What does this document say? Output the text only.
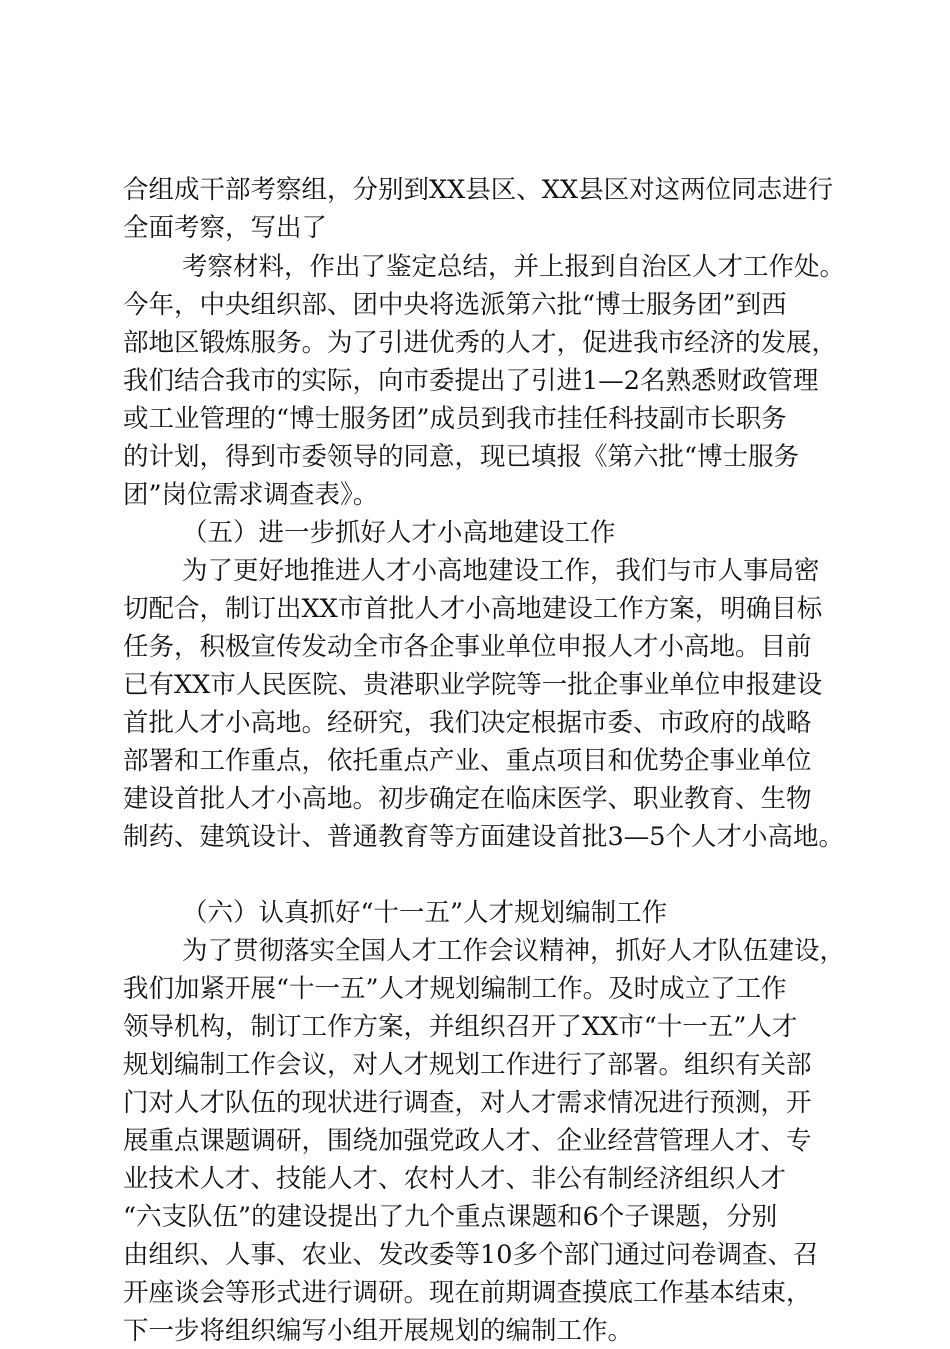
合组成干部考察组，分别到XX县区、XX县区对这两位同志进行
全面考察，写出了
考察材料，作出了鉴定总结，并上报到自治区人才工作处。
今年，中央组织部、团中央将选派第六批“博士服务团”到西
部地区锻炼服务。为了引进优秀的人才，促进我市经济的发展，
我们结合我市的实际，向市委提出了引进1—2名熟悉财政管理
或工业管理的“博士服务团”成员到我市挂任科技副市长职务
的计划，得到市委领导的同意，现已填报《第六批“博士服务
团”岗位需求调查表》。
（五）进一步抓好人才小高地建设工作
为了更好地推进人才小高地建设工作，我们与市人事局密
切配合，制订出XX市首批人才小高地建设工作方案，明确目标
任务，积极宣传发动全市各企事业单位申报人才小高地。目前
已有XX市人民医院、贵港职业学院等一批企事业单位申报建设
首批人才小高地。经研究，我们决定根据市委、市政府的战略
部署和工作重点，依托重点产业、重点项目和优势企事业单位
建设首批人才小高地。初步确定在临床医学、职业教育、生物
制药、建筑设计、普通教育等方面建设首批3—5个人才小高地。
（六）认真抓好“十一五”人才规划编制工作
为了贯彻落实全国人才工作会议精神，抓好人才队伍建设，
我们加紧开展“十一五”人才规划编制工作。及时成立了工作
领导机构，制订工作方案，并组织召开了XX市“十一五”人才
规划编制工作会议，对人才规划工作进行了部署。组织有关部
门对人才队伍的现状进行调查，对人才需求情况进行预测，开
展重点课题调研，围绕加强党政人才、企业经营管理人才、专
业技术人才、技能人才、农村人才、非公有制经济组织人才
“六支队伍”的建设提出了九个重点课题和6个子课题，分别
由组织、人事、农业、发改委等10多个部门通过问卷调查、召
开座谈会等形式进行调研。现在前期调查摸底工作基本结束，
下一步将组织编写小组开展规划的编制工作。
